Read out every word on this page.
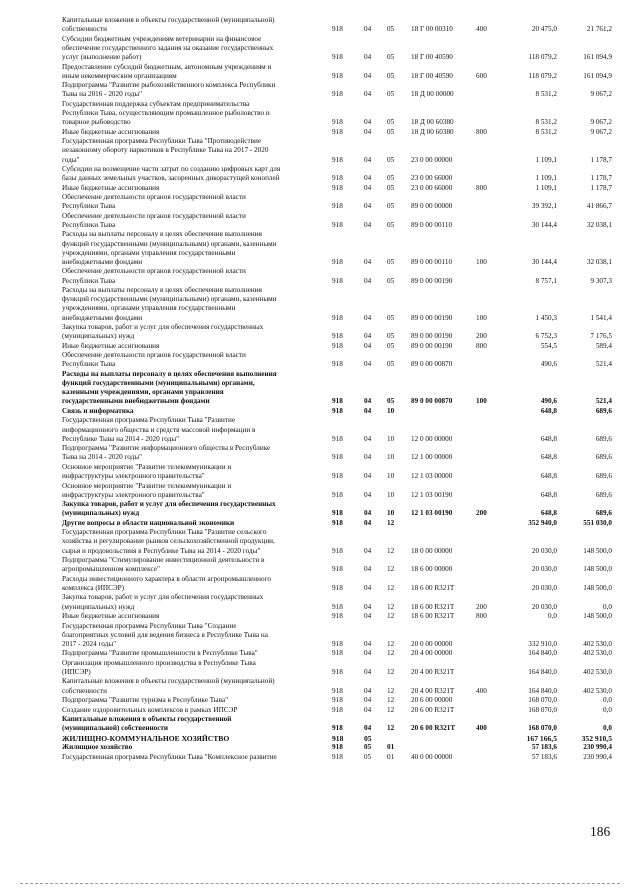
Капитальные вложения в объекты государственной (муниципальной)
собственности	918	04	05	18 Г 00 00310	400	20 475,0	21 761,2
Субсидии бюджетным учреждениям ветеринарии на финансовое
обеспечение государственного задания на оказание государственных
услуг (выполнение работ)	918	04	05	18 Г 00 40590	118 079,2	161 094,9
Предоставление субсидий бюджетным, автономным учреждениям и
иным некоммерческим организациям	918	04	05	18 Г 00 40590	600	118 079,2	161 094,9
Подпрограмма "Развитие рыбохозяйственного комплекса Республики
Тыва на 2016 - 2020 годы"	918	04	05	18 Д 00 00000	8 531,2	9 067,2
Государственная поддержка субъектам предпринимательства
Республики Тыва, осуществляющим промышленное рыболовство и
товарное рыбоводство	918	04	05	18 Д 00 60380	8 531,2	9 067,2
Иные бюджетные ассигнования	918	04	05	18 Д 00 60380	800	8 531,2	9 067,2
Государственная программа Республики Тыва "Противодействие
незаконному обороту наркотиков в Республике Тыва на 2017 - 2020
годы"	918	04	05	23 0 00 00000	1 109,1	1 178,7
Субсидии на возмещение части затрат по созданию цифровых карт для
базы данных земельных участков, засоренных дикорастущей коноплей	918	04	05	23 0 00 66000	1 109,1	1 178,7
Иные бюджетные ассигнования	918	04	05	23 0 00 66000	800	1 109,1	1 178,7
Обеспечение деятельности органов государственной власти
Республики Тыва	918	04	05	89 0 00 00000	39 392,1	41 866,7
Обеспечение деятельности органов государственной власти
Республики Тыва	918	04	05	89 0 00 00110	30 144,4	32 038,1
Расходы на выплаты персоналу в целях обеспечения выполнения
функций государственными (муниципальными) органами, казенными
учреждениями, органами управления государственными
внебюджетными фондами	918	04	05	89 0 00 00110	100	30 144,4	32 038,1
Обеспечение деятельности органов государственной власти
Республики Тыва	918	04	05	89 0 00 00190	8 757,1	9 307,3
Расходы на выплаты персоналу в целях обеспечения выполнения
функций государственными (муниципальными) органами, казенными
учреждениями, органами управления государственными
внебюджетными фондами	918	04	05	89 0 00 00190	100	1 450,3	1 541,4
Закупка товаров, работ и услуг для обеспечения государственных
(муниципальных) нужд	918	04	05	89 0 00 00190	200	6 752,3	7 176,5
Иные бюджетные ассигнования	918	04	05	89 0 00 00190	800	554,5	589,4
Обеспечение деятельности органов государственной власти
Республики Тыва	918	04	05	89 0 00 00870	490,6	521,4
Расходы на выплаты персоналу в целях обеспечения выполнения
функций государственными (муниципальными) органами,
казенными учреждениями, органами управления
государственными внебюджетными фондами	918	04	05	89 0 00 00870	100	490,6	521,4
Связь и информатика	918	04	10	648,8	689,6
Государственная программа Республики Тыва "Развитие
информационного общества и средств массовой информации в
Республике Тыва на 2014 - 2020 годы"	918	04	10	12 0 00 00000	648,8	689,6
Подпрограмма "Развитие информационного общества в Республике
Тыва на 2014 - 2020 годы"	918	04	10	12 1 00 00000	648,8	689,6
Основное мероприятие "Развитие телекоммуникации и
инфраструктуры электронного правительства"	918	04	10	12 1 03 00000	648,8	689,6
Основное мероприятие "Развитие телекоммуникации и
инфраструктуры электронного правительства"	918	04	10	12 1 03 00190	648,8	689,6
Закупка товаров, работ и услуг для обеспечения государственных
(муниципальных) нужд	918	04	10	12 1 03 00190	200	648,8	689,6
Другие вопросы в области национальной экономики	918	04	12	352 940,0	551 030,0
Государственная программа Республики Тыва "Развитие сельского
хозяйства и регулирование рынков сельскохозяйственной продукции,
сырья и продовольствия в Республике Тыва на 2014 - 2020 годы"	918	04	12	18 0 00 00000	20 030,0	148 500,0
Подпрограмма "Стимулирование инвестиционной деятельности в
агропромышленном комплексе"	918	04	12	18 6 00 00000	20 030,0	148 500,0
Расходы инвестиционного характера в области агропромышленного
комплекса (ИПСЭР)	918	04	12	18 6 00 R321T	20 030,0	148 500,0
Закупка товаров, работ и услуг для обеспечения государственных
(муниципальных) нужд	918	04	12	18 6 00 R321T	200	20 030,0	0,0
Иные бюджетные ассигнования	918	04	12	18 6 00 R321T	800	0,0	148 500,0
Государственная программа Республики Тыва "Создание
благоприятных условий для ведения бизнеса в Республике Тыва на
2017 - 2024 годы"	918	04	12	20 0 00 00000	332 910,0	402 530,0
Подпрограмма "Развитие промышленности в Республике Тыва"	918	04	12	20 4 00 00000	164 840,0	402 530,0
Организация промышленного производства в Республике Тыва
(ИПСЭР)	918	04	12	20 4 00 R321T	164 840,0	402 530,0
Капитальные вложения в объекты государственной (муниципальной)
собственности	918	04	12	20 4 00 R321T	400	164 840,0	402 530,0
Подпрограмма "Развитие туризма в Республике Тыва"	918	04	12	20 6 00 00000	168 070,0	0,0
Создание оздоровительных комплексов в рамках ИПСЭР	918	04	12	20 6 00 R321T	168 070,0	0,0
Капитальные вложения в объекты государственной
(муниципальной) собственности	918	04	12	20 6 00 R321T	400	168 070,0	0,0
ЖИЛИЩНО-КОММУНАЛЬНОЕ ХОЗЯЙСТВО	918	05	167 166,5	352 910,5
Жилищное хозяйство	918	05	01	57 183,6	230 990,4
Государственная программа Республики Тыва "Комплексное развитие	918	05	01	40 0 00 00000	57 183,6	230 990,4
·
186
